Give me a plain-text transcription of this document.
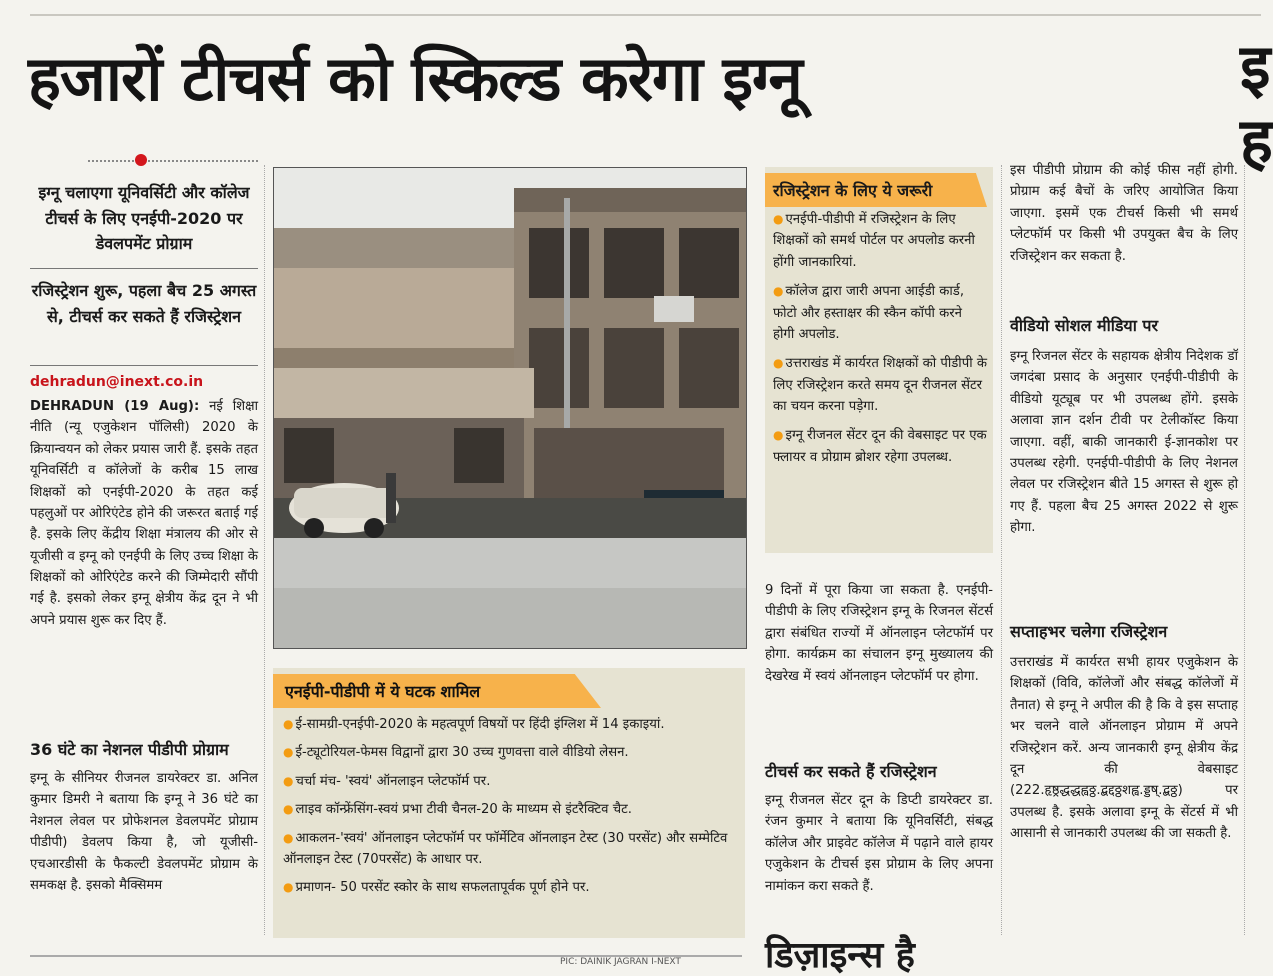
हजारों टीचर्स को स्किल्ड करेगा इग्नू	इ ह
इग्नू चलाएगा यूनिवर्सिटी और कॉलेज टीचर्स के लिए एनईपी-2020 पर डेवलपमेंट प्रोग्राम
रजिस्ट्रेशन शुरू, पहला बैच 25 अगस्त से, टीचर्स कर सकते हैं रजिस्ट्रेशन
dehradun@inext.co.in
DEHRADUN (19 Aug): नई शिक्षा नीति (न्यू एजुकेशन पॉलिसी) 2020 के क्रियान्वयन को लेकर प्रयास जारी हैं. इसके तहत यूनिवर्सिटी व कॉलेजों के करीब 15 लाख शिक्षकों को एनईपी-2020 के तहत कई पहलुओं पर ओरिएंटेड होने की जरूरत बताई गई है. इसके लिए केंद्रीय शिक्षा मंत्रालय की ओर से यूजीसी व इग्नू को एनईपी के लिए उच्च शिक्षा के शिक्षकों को ओरिएंटेड करने की जिम्मेदारी सौंपी गई है. इसको लेकर इग्नू क्षेत्रीय केंद्र दून ने भी अपने प्रयास शुरू कर दिए हैं.
36 घंटे का नेशनल पीडीपी प्रोग्राम
इग्नू के सीनियर रीजनल डायरेक्टर डा. अनिल कुमार डिमरी ने बताया कि इग्नू ने 36 घंटे का नेशनल लेवल पर प्रोफेशनल डेवलपमेंट प्रोग्राम पीडीपी) डेवलप किया है, जो यूजीसी-एचआरडीसी के फैकल्टी डेवलपमेंट प्रोग्राम के समकक्ष है. इसको मैक्सिमम
एनईपी-पीडीपी में ये घटक शामिल
● ई-सामग्री-एनईपी-2020 के महत्वपूर्ण विषयों पर हिंदी इंग्लिश में 14 इकाइयां.
● ई-ट्यूटोरियल-फेमस विद्वानों द्वारा 30 उच्च गुणवत्ता वाले वीडियो लेसन.
● चर्चा मंच- 'स्वयं' ऑनलाइन प्लेटफॉर्म पर.
● लाइव कॉन्फ्रेंसिंग-स्वयं प्रभा टीवी चैनल-20 के माध्यम से इंटरैक्टिव चैट.
● आकलन-'स्वयं' ऑनलाइन प्लेटफॉर्म पर फॉर्मेटिव ऑनलाइन टेस्ट (30 परसेंट) और सम्मेटिव ऑनलाइन टेस्ट (70परसेंट) के आधार पर.
● प्रमाणन- 50 परसेंट स्कोर के साथ सफलतापूर्वक पूर्ण होने पर.
रजिस्ट्रेशन के लिए ये जरूरी
● एनईपी-पीडीपी में रजिस्ट्रेशन के लिए शिक्षकों को समर्थ पोर्टल पर अपलोड करनी होंगी जानकारियां.
● कॉलेज द्वारा जारी अपना आईडी कार्ड, फोटो और हस्ताक्षर की स्कैन कॉपी करने होगी अपलोड.
● उत्तराखंड में कार्यरत शिक्षकों को पीडीपी के लिए रजिस्ट्रेशन करते समय दून रीजनल सेंटर का चयन करना पड़ेगा.
● इग्नू रीजनल सेंटर दून की वेबसाइट पर एक फ्लायर व प्रोग्राम ब्रोशर रहेगा उपलब्ध.
9 दिनों में पूरा किया जा सकता है. एनईपी-पीडीपी के लिए रजिस्ट्रेशन इग्नू के रिजनल सेंटर्स द्वारा संबंधित राज्यों में ऑनलाइन प्लेटफॉर्म पर होगा. कार्यक्रम का संचालन इग्नू मुख्यालय की देखरेख में स्वयं ऑनलाइन प्लेटफॉर्म पर होगा.
टीचर्स कर सकते हैं रजिस्ट्रेशन
इग्नू रीजनल सेंटर दून के डिप्टी डायरेक्टर डा. रंजन कुमार ने बताया कि यूनिवर्सिटी, संबद्ध कॉलेज और प्राइवेट कॉलेज में पढ़ाने वाले हायर एजुकेशन के टीचर्स इस प्रोग्राम के लिए अपना नामांकन करा सकते हैं.
इस पीडीपी प्रोग्राम की कोई फीस नहीं होगी. प्रोग्राम कई बैचों के जरिए आयोजित किया जाएगा. इसमें एक टीचर्स किसी भी समर्थ प्लेटफॉर्म पर किसी भी उपयुक्त बैच के लिए रजिस्ट्रेशन कर सकता है.
वीडियो सोशल मीडिया पर
इग्नू रिजनल सेंटर के सहायक क्षेत्रीय निदेशक डॉ जगदंबा प्रसाद के अनुसार एनईपी-पीडीपी के वीडियो यूट्यूब पर भी उपलब्ध होंगे. इसके अलावा ज्ञान दर्शन टीवी पर टेलीकॉस्ट किया जाएगा. वहीं, बाकी जानकारी ई-ज्ञानकोश पर उपलब्ध रहेगी. एनईपी-पीडीपी के लिए नेशनल लेवल पर रजिस्ट्रेशन बीते 15 अगस्त से शुरू हो गए हैं. पहला बैच 25 अगस्त 2022 से शुरू होगा.
सप्ताहभर चलेगा रजिस्ट्रेशन
उत्तराखंड में कार्यरत सभी हायर एजुकेशन के शिक्षकों (विवि, कॉलेजों और संबद्ध कॉलेजों में तैनात) से इग्नू ने अपील की है कि वे इस सप्ताह भर चलने वाले ऑनलाइन प्रोग्राम में अपने रजिस्ट्रेशन करें. अन्य जानकारी इग्नू क्षेत्रीय केंद्र दून की वेबसाइट (222.हृष्ठ्रद्धद्धह्वठ्ठ.द्बद्दठ्ठशह्व.ड्डष्.द्बठ्ठ) पर उपलब्ध है. इसके अलावा इग्नू के सेंटर्स में भी आसानी से जानकारी उपलब्ध की जा सकती है.
PIC: DAINIK JAGRAN I-NEXT डिज़ाइन्स है
